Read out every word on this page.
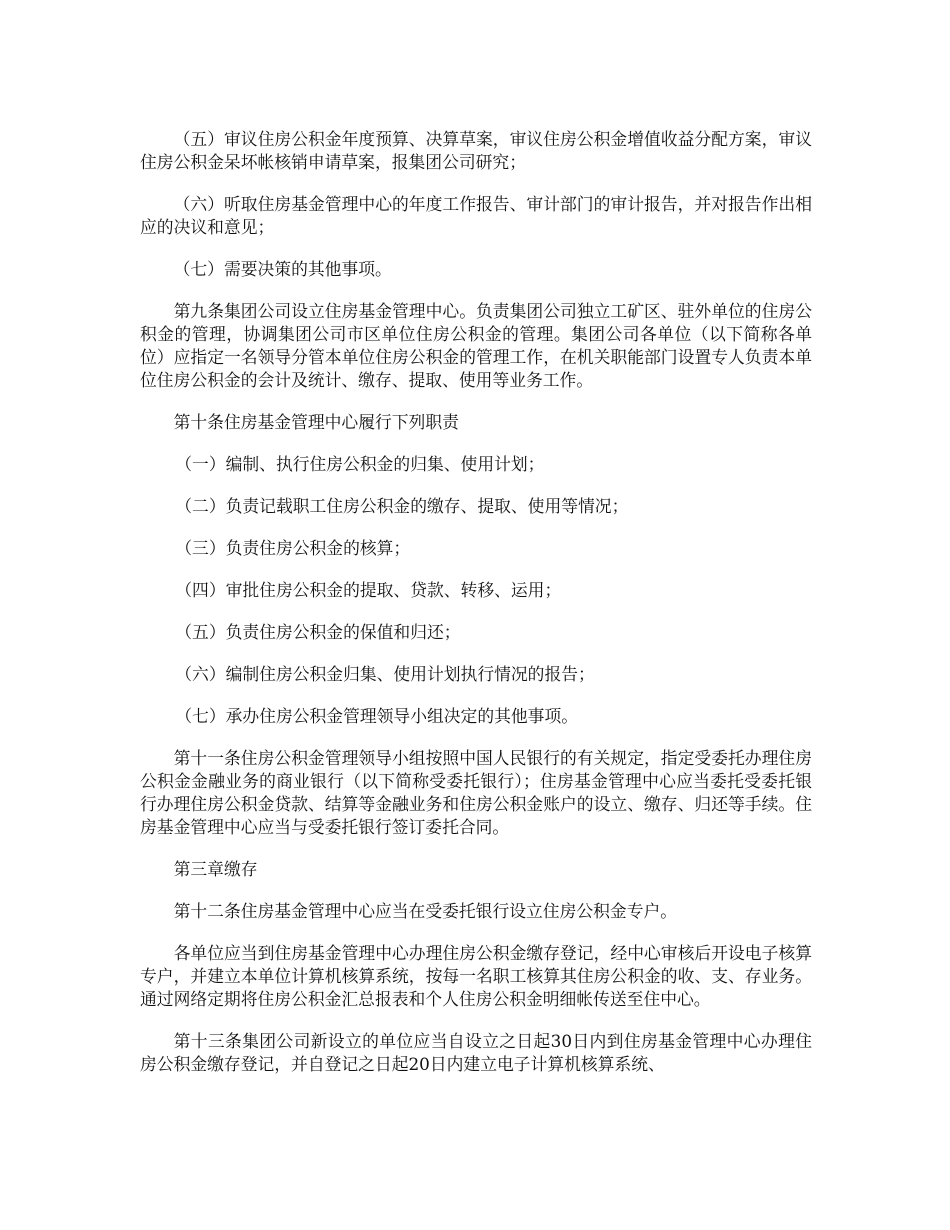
（五）审议住房公积金年度预算、决算草案，审议住房公积金增值收益分配方案，审议住房公积金呆坏帐核销申请草案，报集团公司研究；

（六）听取住房基金管理中心的年度工作报告、审计部门的审计报告，并对报告作出相应的决议和意见；

（七）需要决策的其他事项。

第九条集团公司设立住房基金管理中心。负责集团公司独立工矿区、驻外单位的住房公积金的管理，协调集团公司市区单位住房公积金的管理。集团公司各单位（以下简称各单位）应指定一名领导分管本单位住房公积金的管理工作，在机关职能部门设置专人负责本单位住房公积金的会计及统计、缴存、提取、使用等业务工作。

第十条住房基金管理中心履行下列职责

（一）编制、执行住房公积金的归集、使用计划；

（二）负责记载职工住房公积金的缴存、提取、使用等情况；

（三）负责住房公积金的核算；

（四）审批住房公积金的提取、贷款、转移、运用；

（五）负责住房公积金的保值和归还；

（六）编制住房公积金归集、使用计划执行情况的报告；

（七）承办住房公积金管理领导小组决定的其他事项。

第十一条住房公积金管理领导小组按照中国人民银行的有关规定，指定受委托办理住房公积金金融业务的商业银行（以下简称受委托银行）；住房基金管理中心应当委托受委托银行办理住房公积金贷款、结算等金融业务和住房公积金账户的设立、缴存、归还等手续。住房基金管理中心应当与受委托银行签订委托合同。

第三章缴存

第十二条住房基金管理中心应当在受委托银行设立住房公积金专户。

各单位应当到住房基金管理中心办理住房公积金缴存登记，经中心审核后开设电子核算专户，并建立本单位计算机核算系统，按每一名职工核算其住房公积金的收、支、存业务。通过网络定期将住房公积金汇总报表和个人住房公积金明细帐传送至住中心。

第十三条集团公司新设立的单位应当自设立之日起30日内到住房基金管理中心办理住房公积金缴存登记，并自登记之日起20日内建立电子计算机核算系统、
